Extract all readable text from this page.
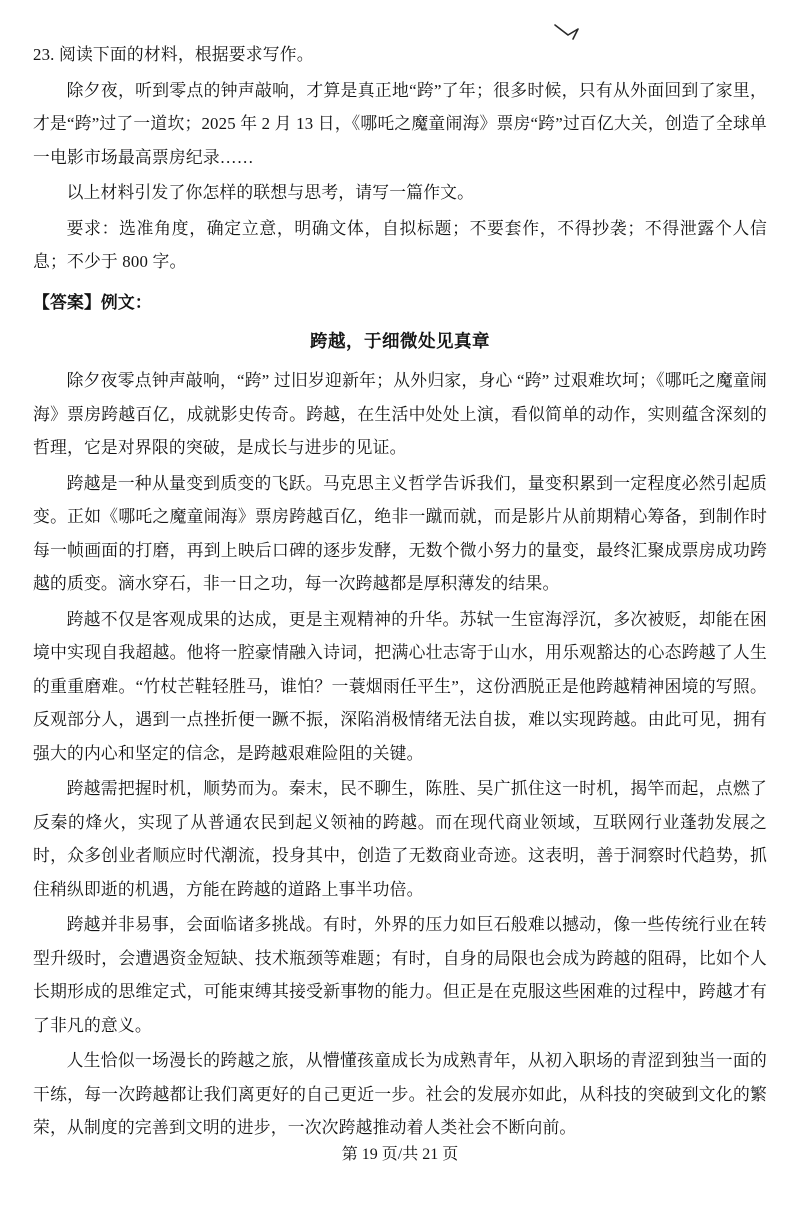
23. 阅读下面的材料，根据要求写作。

除夕夜，听到零点的钟声敲响，才算是真正地“跨”了年；很多时候，只有从外面回到了家里，才是“跨”过了一道坎；2025 年 2 月 13 日，《哪吒之魔童闹海》票房“跨”过百亿大关，创造了全球单一电影市场最高票房纪录……

以上材料引发了你怎样的联想与思考，请写一篇作文。

要求：选准角度，确定立意，明确文体，自拟标题；不要套作，不得抄袭；不得泄露个人信息；不少于 800 字。

【答案】例文：

跨越，于细微处见真章

除夕夜零点钟声敲响，“跨” 过旧岁迎新年；从外归家，身心 “跨” 过艰难坎坷；《哪吒之魔童闹海》票房跨越百亿，成就影史传奇。跨越，在生活中处处上演，看似简单的动作，实则蕴含深刻的哲理，它是对界限的突破，是成长与进步的见证。

跨越是一种从量变到质变的飞跃。马克思主义哲学告诉我们，量变积累到一定程度必然引起质变。正如《哪吒之魔童闹海》票房跨越百亿，绝非一蹴而就，而是影片从前期精心筹备，到制作时每一帧画面的打磨，再到上映后口碑的逐步发酵，无数个微小努力的量变，最终汇聚成票房成功跨越的质变。滴水穿石，非一日之功，每一次跨越都是厚积薄发的结果。

跨越不仅是客观成果的达成，更是主观精神的升华。苏轼一生宦海浮沉，多次被贬，却能在困境中实现自我超越。他将一腔豪情融入诗词，把满心壮志寄于山水，用乐观豁达的心态跨越了人生的重重磨难。“竹杖芒鞋轻胜马，谁怕？一蓑烟雨任平生”，这份洒脱正是他跨越精神困境的写照。反观部分人，遇到一点挫折便一蹶不振，深陷消极情绪无法自拔，难以实现跨越。由此可见，拥有强大的内心和坚定的信念，是跨越艰难险阻的关键。

跨越需把握时机，顺势而为。秦末，民不聊生，陈胜、吴广抓住这一时机，揭竿而起，点燃了反秦的烽火，实现了从普通农民到起义领袖的跨越。而在现代商业领域，互联网行业蓬勃发展之时，众多创业者顺应时代潮流，投身其中，创造了无数商业奇迹。这表明，善于洞察时代趋势，抓住稍纵即逝的机遇，方能在跨越的道路上事半功倍。

跨越并非易事，会面临诸多挑战。有时，外界的压力如巨石般难以撼动，像一些传统行业在转型升级时，会遭遇资金短缺、技术瓶颈等难题；有时，自身的局限也会成为跨越的阻碍，比如个人长期形成的思维定式，可能束缚其接受新事物的能力。但正是在克服这些困难的过程中，跨越才有了非凡的意义。

人生恰似一场漫长的跨越之旅，从懵懂孩童成长为成熟青年，从初入职场的青涩到独当一面的干练，每一次跨越都让我们离更好的自己更近一步。社会的发展亦如此，从科技的突破到文化的繁荣，从制度的完善到文明的进步，一次次跨越推动着人类社会不断向前。

第 19 页/共 21 页
